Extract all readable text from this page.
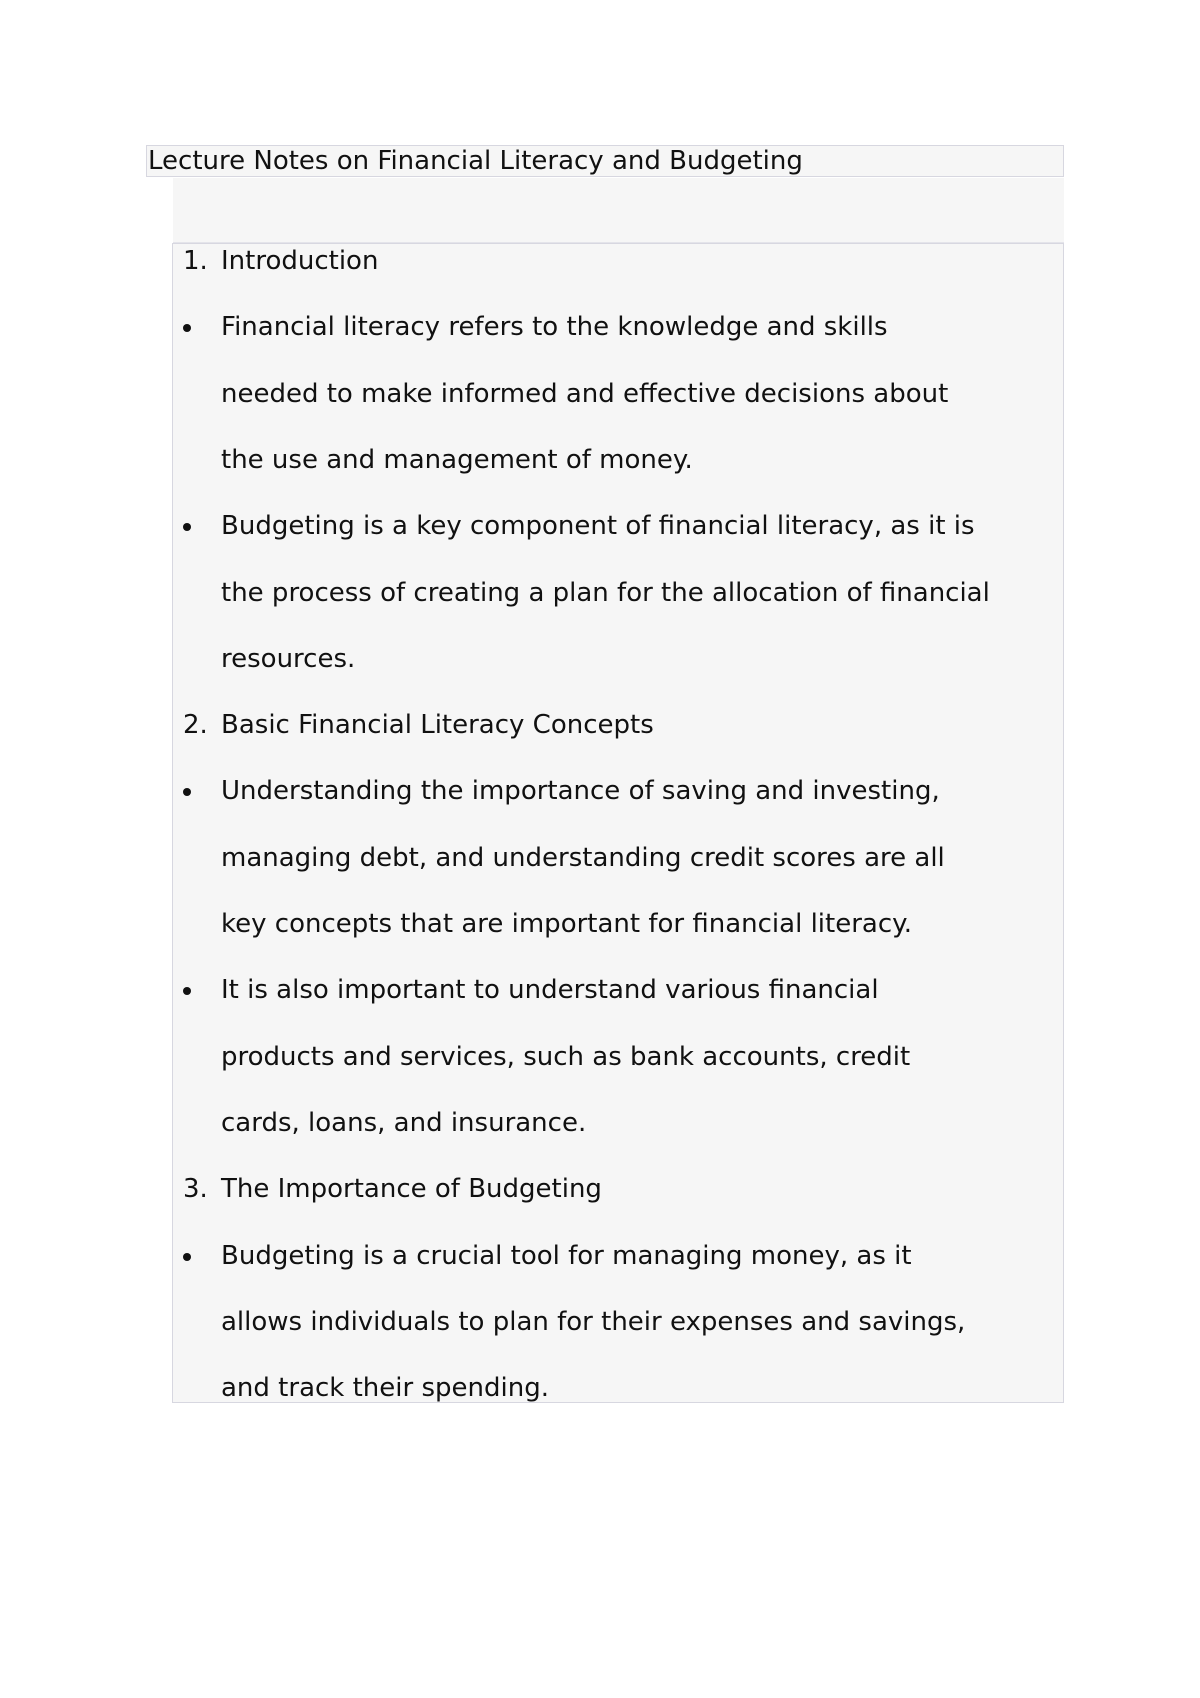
Lecture Notes on Financial Literacy and Budgeting
1. Introduction
Financial literacy refers to the knowledge and skills
needed to make informed and effective decisions about
the use and management of money.
Budgeting is a key component of financial literacy, as it is
the process of creating a plan for the allocation of financial
resources.
2. Basic Financial Literacy Concepts
Understanding the importance of saving and investing,
managing debt, and understanding credit scores are all
key concepts that are important for financial literacy.
It is also important to understand various financial
products and services, such as bank accounts, credit
cards, loans, and insurance.
3. The Importance of Budgeting
Budgeting is a crucial tool for managing money, as it
allows individuals to plan for their expenses and savings,
and track their spending.
